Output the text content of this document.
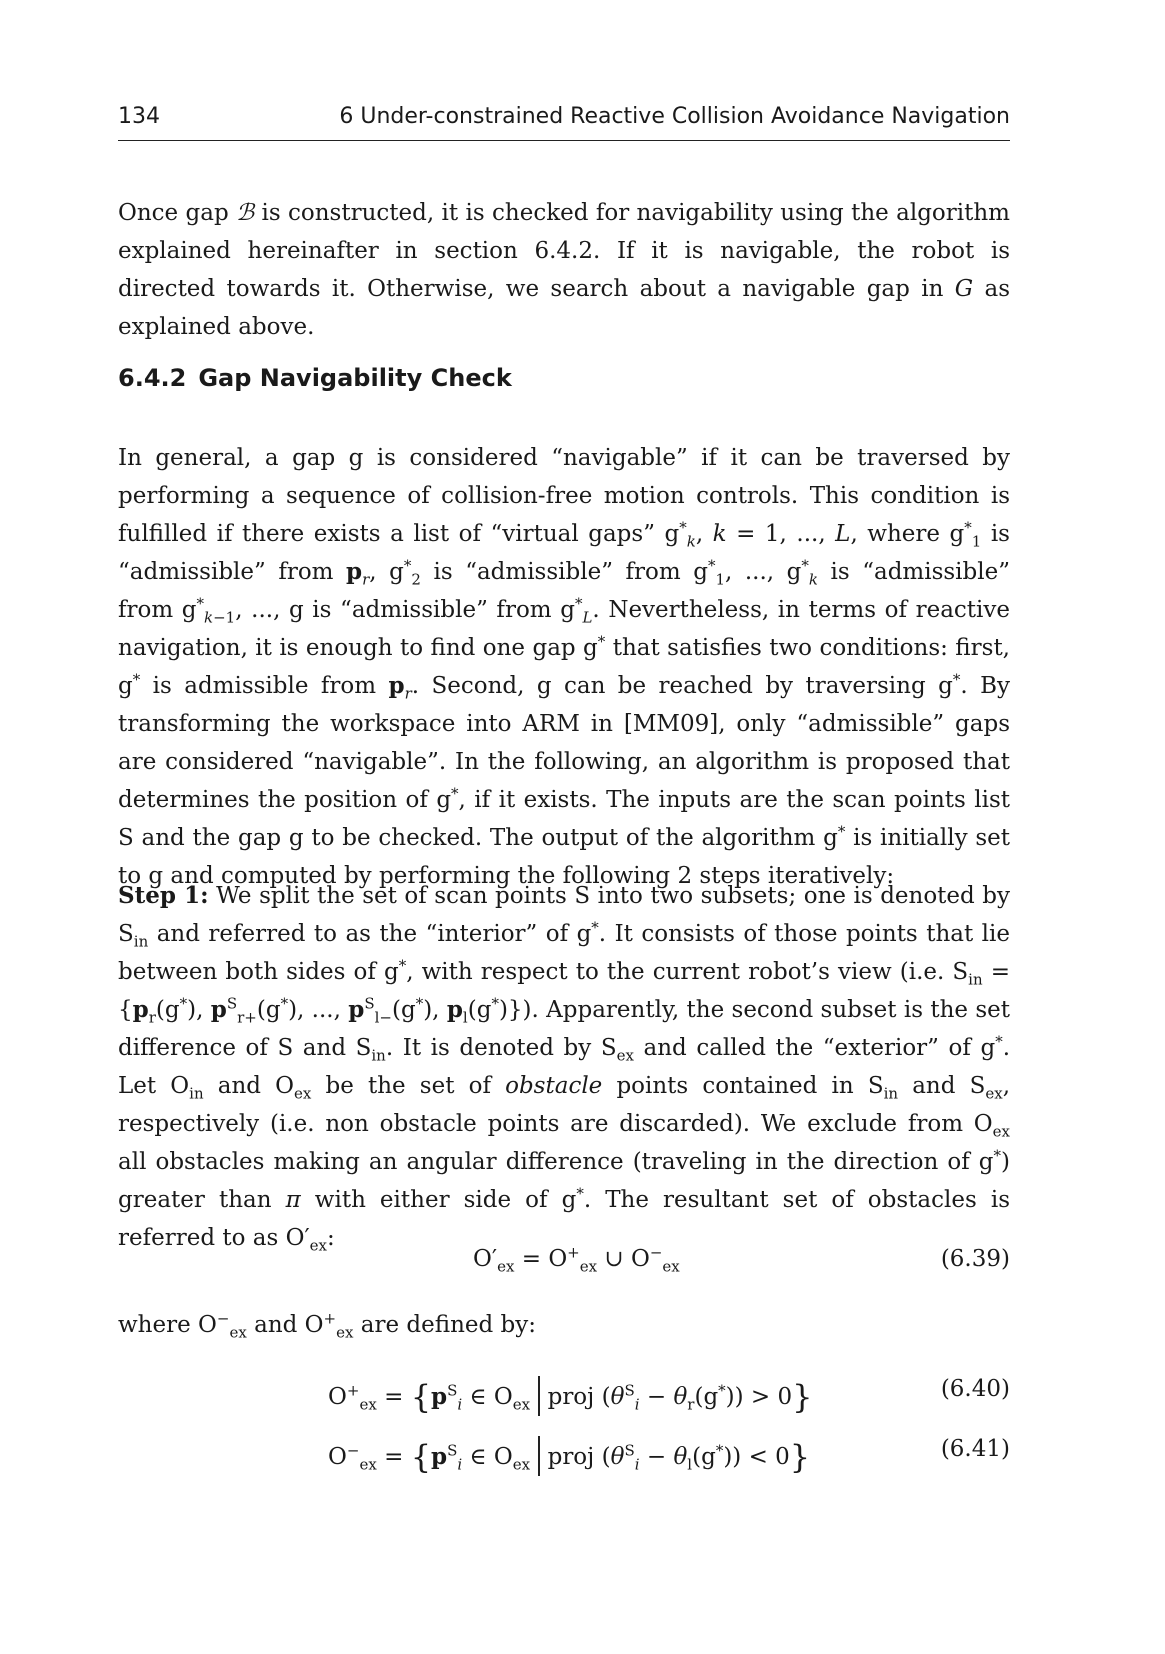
134	6 Under-constrained Reactive Collision Avoidance Navigation

Once gap ℬ is constructed, it is checked for navigability using the algorithm explained hereinafter in section 6.4.2. If it is navigable, the robot is directed towards it. Otherwise, we search about a navigable gap in G as explained above.

6.4.2 Gap Navigability Check

In general, a gap g is considered “navigable” if it can be traversed by performing a sequence of collision-free motion controls. This condition is fulfilled if there exists a list of “virtual gaps” $g^*_k$, k = 1, ..., L, where $g^*_1$ is “admissible” from $p_r$, $g^*_2$ is “admissible” from $g^*_1$, ..., $g^*_k$ is “admissible” from $g^*_{k-1}$, ..., g is “admissible” from $g^*_L$. Nevertheless, in terms of reactive navigation, it is enough to find one gap g* that satisfies two conditions: first, g* is admissible from $p_r$. Second, g can be reached by traversing g*. By transforming the workspace into ARM in [MM09], only “admissible” gaps are considered “navigable”. In the following, an algorithm is proposed that determines the position of g*, if it exists. The inputs are the scan points list S and the gap g to be checked. The output of the algorithm g* is initially set to g and computed by performing the following 2 steps iteratively:

Step 1: We split the set of scan points S into two subsets; one is denoted by $S_{in}$ and referred to as the “interior” of g*. It consists of those points that lie between both sides of g*, with respect to the current robot’s view (i.e. $S_{in} = \{p_r(g^*)$, $p^S_{r+}(g^*)$, ..., $p^S_{l-}(g^*)$, $p_l(g^*)$}). Apparently, the second subset is the set difference of S and $S_{in}$. It is denoted by $S_{ex}$ and called the “exterior” of g*. Let $O_{in}$ and $O_{ex}$ be the set of obstacle points contained in $S_{in}$ and $S_{ex}$, respectively (i.e. non obstacle points are discarded). We exclude from $O_{ex}$ all obstacles making an angular difference (traveling in the direction of g*) greater than π with either side of g*. The resultant set of obstacles is referred to as $O'_{ex}$:

$O'_{ex} = O^+_{ex}$ ∪ $O^-_{ex}$	(6.39)

where $O^-_{ex}$ and $O^+_{ex}$ are defined by:

$O^+_{ex} = \{p^S_i$ ∈ $O_{ex}$ proj $(\theta^S_i - \theta_r(g^*)) > 0$}	(6.40)
$O^-_{ex} = \{p^S_i$ ∈ $O_{ex}$ proj $(\theta^S_i - \theta_l(g^*)) < 0$}	(6.41)
